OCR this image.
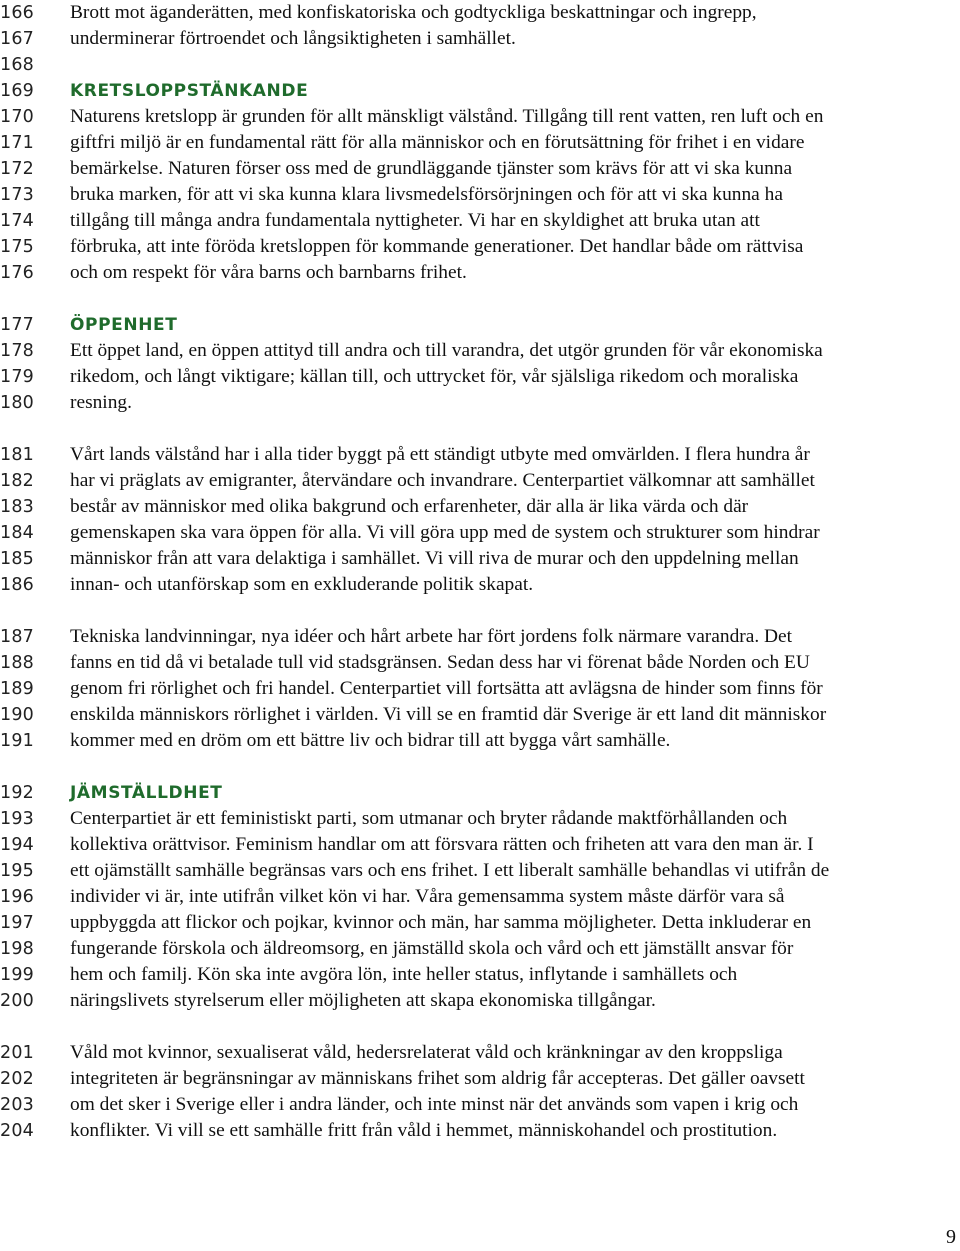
166 Brott mot äganderätten, med konfiskatoriska och godtyckliga beskattningar och ingrepp,
167 underminerar förtroendet och långsiktigheten i samhället.
168
169 KRETSLOPPSTÄNKANDE
170 Naturens kretslopp är grunden för allt mänskligt välstånd. Tillgång till rent vatten, ren luft och en
171 giftfri miljö är en fundamental rätt för alla människor och en förutsättning för frihet i en vidare
172 bemärkelse. Naturen förser oss med de grundläggande tjänster som krävs för att vi ska kunna
173 bruka marken, för att vi ska kunna klara livsmedelsförsörjningen och för att vi ska kunna ha
174 tillgång till många andra fundamentala nyttigheter. Vi har en skyldighet att bruka utan att
175 förbruka, att inte föröda kretsloppen för kommande generationer. Det handlar både om rättvisa
176 och om respekt för våra barns och barnbarns frihet.
177 ÖPPENHET
178 Ett öppet land, en öppen attityd till andra och till varandra, det utgör grunden för vår ekonomiska
179 rikedom, och långt viktigare; källan till, och uttrycket för, vår själsliga rikedom och moraliska
180 resning.
181 Vårt lands välstånd har i alla tider byggt på ett ständigt utbyte med omvärlden. I flera hundra år
182 har vi präglats av emigranter, återvändare och invandrare. Centerpartiet välkomnar att samhället
183 består av människor med olika bakgrund och erfarenheter, där alla är lika värda och där
184 gemenskapen ska vara öppen för alla. Vi vill göra upp med de system och strukturer som hindrar
185 människor från att vara delaktiga i samhället. Vi vill riva de murar och den uppdelning mellan
186 innan- och utanförskap som en exkluderande politik skapat.
187 Tekniska landvinningar, nya idéer och hårt arbete har fört jordens folk närmare varandra. Det
188 fanns en tid då vi betalade tull vid stadsgränsen. Sedan dess har vi förenat både Norden och EU
189 genom fri rörlighet och fri handel. Centerpartiet vill fortsätta att avlägsna de hinder som finns för
190 enskilda människors rörlighet i världen. Vi vill se en framtid där Sverige är ett land dit människor
191 kommer med en dröm om ett bättre liv och bidrar till att bygga vårt samhälle.
192 JÄMSTÄLLDHET
193 Centerpartiet är ett feministiskt parti, som utmanar och bryter rådande maktförhållanden och
194 kollektiva orättvisor. Feminism handlar om att försvara rätten och friheten att vara den man är. I
195 ett ojämställt samhälle begränsas vars och ens frihet. I ett liberalt samhälle behandlas vi utifrån de
196 individer vi är, inte utifrån vilket kön vi har. Våra gemensamma system måste därför vara så
197 uppbyggda att flickor och pojkar, kvinnor och män, har samma möjligheter. Detta inkluderar en
198 fungerande förskola och äldreomsorg, en jämställd skola och vård och ett jämställt ansvar för
199 hem och familj. Kön ska inte avgöra lön, inte heller status, inflytande i samhällets och
200 näringslivets styrelserum eller möjligheten att skapa ekonomiska tillgångar.
201 Våld mot kvinnor, sexualiserat våld, hedersrelaterat våld och kränkningar av den kroppsliga
202 integriteten är begränsningar av människans frihet som aldrig får accepteras. Det gäller oavsett
203 om det sker i Sverige eller i andra länder, och inte minst när det används som vapen i krig och
204 konflikter. Vi vill se ett samhälle fritt från våld i hemmet, människohandel och prostitution.
9
